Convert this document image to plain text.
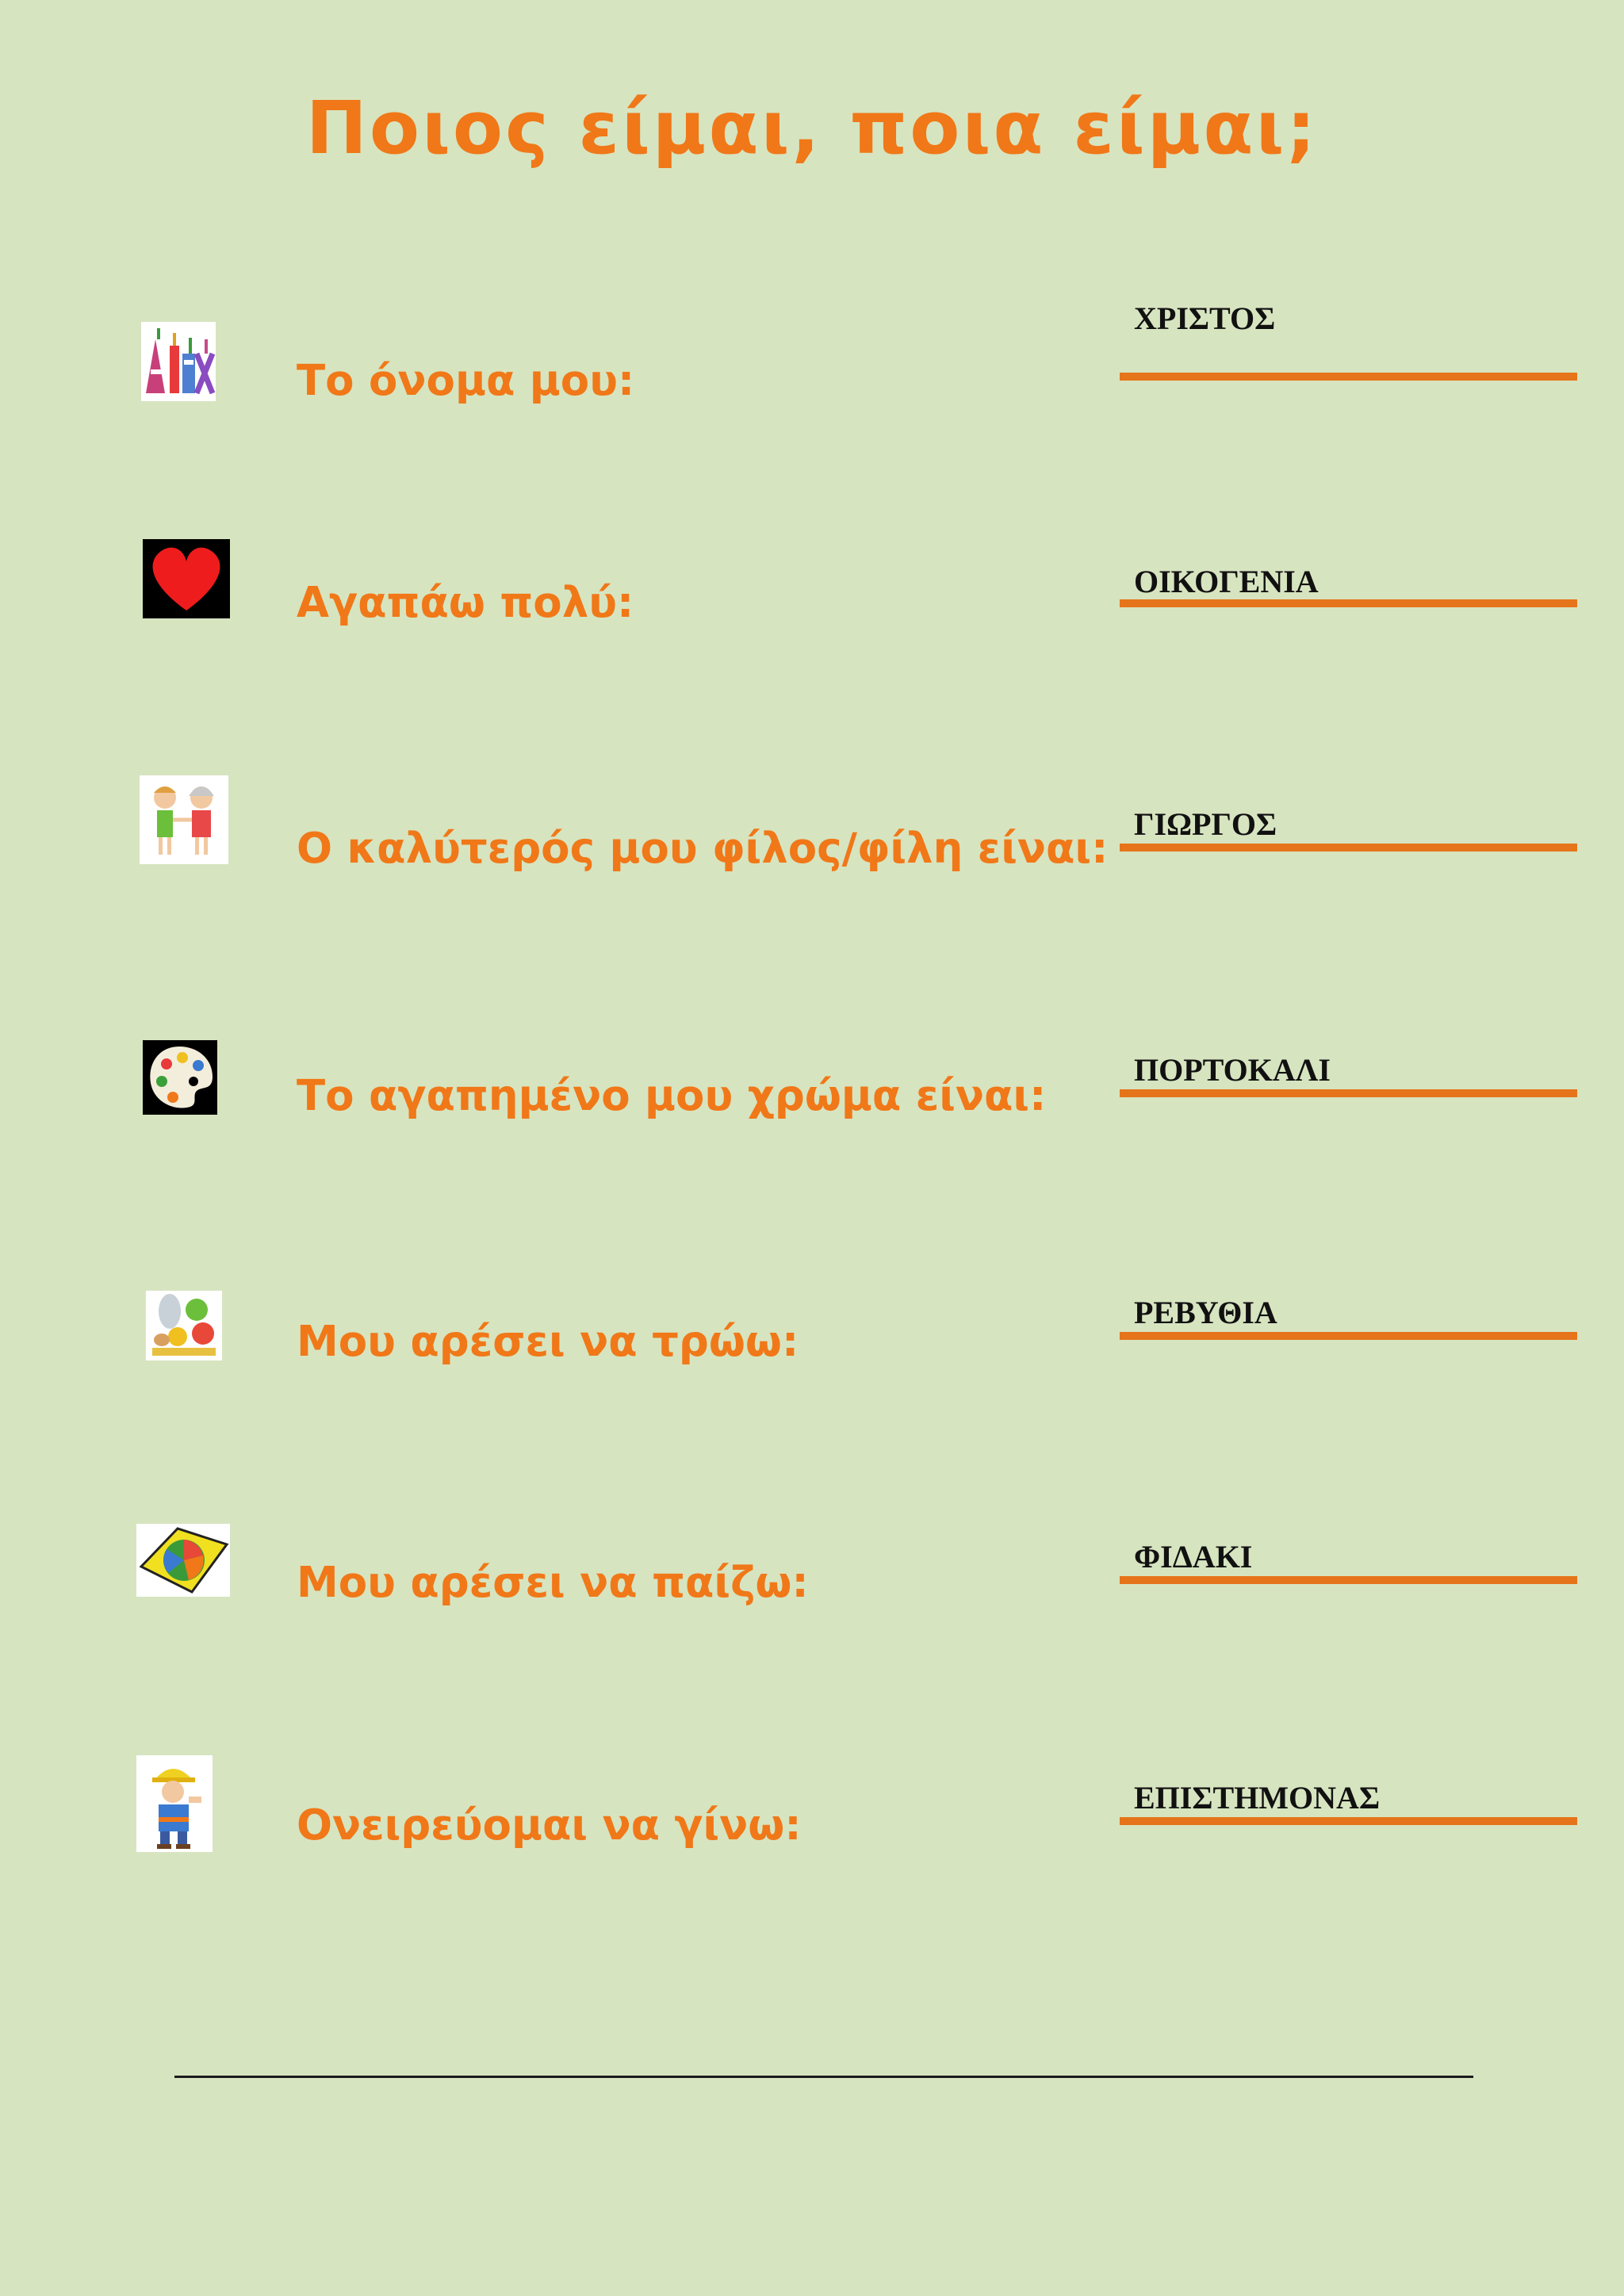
Ποιος είμαι, ποια είμαι;
Το όνομα μου:
ΧΡΙΣΤΟΣ
Αγαπάω πολύ:	ΟΙΚΟΓΕΝΙΑ
Ο καλύτερός μου φίλος/φίλη είναι:
ΓΙΩΡΓΟΣ
Το αγαπημένο μου χρώμα είναι:
ΠΟΡΤΟΚΑΛΙ
Μου αρέσει να τρώω:
ΡΕΒΥΘΙΑ
Μου αρέσει να παίζω:
ΦΙΔΑΚΙ
Ονειρεύομαι να γίνω:
ΕΠΙΣΤΗΜΟΝΑΣ
